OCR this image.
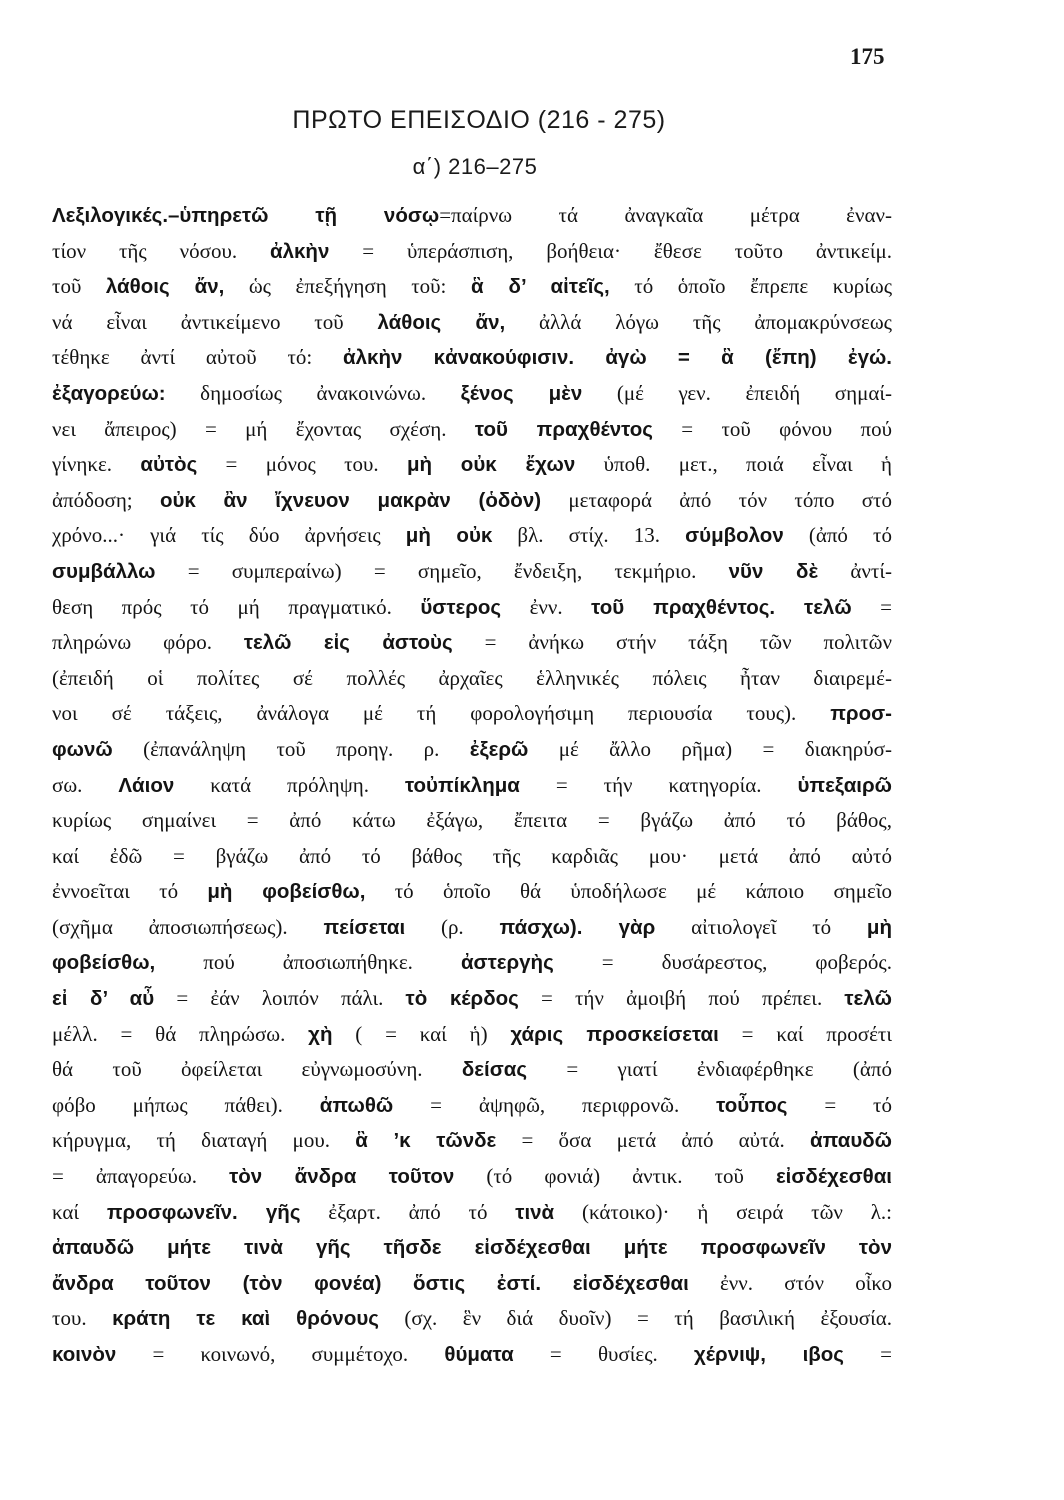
175
ΠΡΩΤΟ ΕΠΕΙΣΟΔΙΟ (216 - 275)
α΄) 216–275
Λεξιλογικές.–ὑπηρετῶ τῇ νόσῳ=παίρνω τά ἀναγκαῖα μέτρα ἐναν-
τίον τῆς νόσου. ἀλκὴν = ὑπεράσπιση, βοήθεια· ἔθεσε τοῦτο ἀντικείμ.
τοῦ λάθοις ἄν, ὡς ἐπεξήγηση τοῦ: ἃ δ’ αἰτεῖς, τό ὁποῖο ἔπρεπε κυρίως
νά εἶναι ἀντικείμενο τοῦ λάθοις ἄν, ἀλλά λόγω τῆς ἀπομακρύνσεως
τέθηκε ἀντί αὐτοῦ τό: ἀλκὴν κἀνακούφισιν. ἀγὼ = ἃ (ἔπη) ἐγώ.
ἐξαγορεύω: δημοσίως ἀνακοινώνω. ξένος μὲν (μέ γεν. ἐπειδή σημαί-
νει ἄπειρος) = μή ἔχοντας σχέση. τοῦ πραχθέντος = τοῦ φόνου πού
γίνηκε. αὐτὸς = μόνος του. μὴ οὐκ ἔχων ὑποθ. μετ., ποιά εἶναι ἡ
ἀπόδοση; οὐκ ἂν ἴχνευον μακρὰν (ὁδὸν) μεταφορά ἀπό τόν τόπο στό
χρόνο...· γιά τίς δύο ἀρνήσεις μὴ οὐκ βλ. στίχ. 13. σύμβολον (ἀπό τό
συμβάλλω = συμπεραίνω) = σημεῖο, ἔνδειξη, τεκμήριο. νῦν δὲ ἀντί-
θεση πρός τό μή πραγματικό. ὕστερος ἐνν. τοῦ πραχθέντος. τελῶ =
πληρώνω φόρο. τελῶ εἰς ἀστοὺς = ἀνήκω στήν τάξη τῶν πολιτῶν
(ἐπειδή οἱ πολίτες σέ πολλές ἀρχαῖες ἑλληνικές πόλεις ἦταν διαιρεμέ-
νοι σέ τάξεις, ἀνάλογα μέ τή φορολογήσιμη περιουσία τους). προσ-
φωνῶ (ἐπανάληψη τοῦ προηγ. ρ. ἐξερῶ μέ ἄλλο ρῆμα) = διακηρύσ-
σω. Λάιον κατά πρόληψη. τοὐπίκλημα = τήν κατηγορία. ὑπεξαιρῶ
κυρίως σημαίνει = ἀπό κάτω ἐξάγω, ἔπειτα = βγάζω ἀπό τό βάθος,
καί ἐδῶ = βγάζω ἀπό τό βάθος τῆς καρδιᾶς μου· μετά ἀπό αὐτό
ἐννοεῖται τό μὴ φοβείσθω, τό ὁποῖο θά ὑποδήλωσε μέ κάποιο σημεῖο
(σχῆμα ἀποσιωπήσεως). πείσεται (ρ. πάσχω). γὰρ αἰτιολογεῖ τό μὴ
φοβείσθω, πού ἀποσιωπήθηκε. ἀστεργὴς = δυσάρεστος, φοβερός.
εἰ δ’ αὖ = ἐάν λοιπόν πάλι. τὸ κέρδος = τήν ἀμοιβή πού πρέπει. τελῶ
μέλλ. = θά πληρώσω. χὴ ( = καί ἡ) χάρις προσκείσεται = καί προσέτι
θά τοῦ ὀφείλεται εὐγνωμοσύνη. δείσας = γιατί ἐνδιαφέρθηκε (ἀπό
φόβο μήπως πάθει). ἀπωθῶ = ἀψηφῶ, περιφρονῶ. τοὖπος = τό
κήρυγμα, τή διαταγή μου. ἃ ’κ τῶνδε = ὅσα μετά ἀπό αὐτά. ἀπαυδῶ
= ἀπαγορεύω. τὸν ἄνδρα τοῦτον (τό φονιά) ἀντικ. τοῦ εἰσδέχεσθαι
καί προσφωνεῖν. γῆς ἐξαρτ. ἀπό τό τινὰ (κάτοικο)· ἡ σειρά τῶν λ.:
ἀπαυδῶ μήτε τινὰ γῆς τῆσδε εἰσδέχεσθαι μήτε προσφωνεῖν τὸν
ἄνδρα τοῦτον (τὸν φονέα) ὅστις ἐστί. εἰσδέχεσθαι ἐνν. στόν οἶκο
του. κράτη τε καὶ θρόνους (σχ. ἓν διά δυοῖν) = τή βασιλική ἐξουσία.
κοινὸν = κοινωνό, συμμέτοχο. θύματα = θυσίες. χέρνιψ, ιβος =
